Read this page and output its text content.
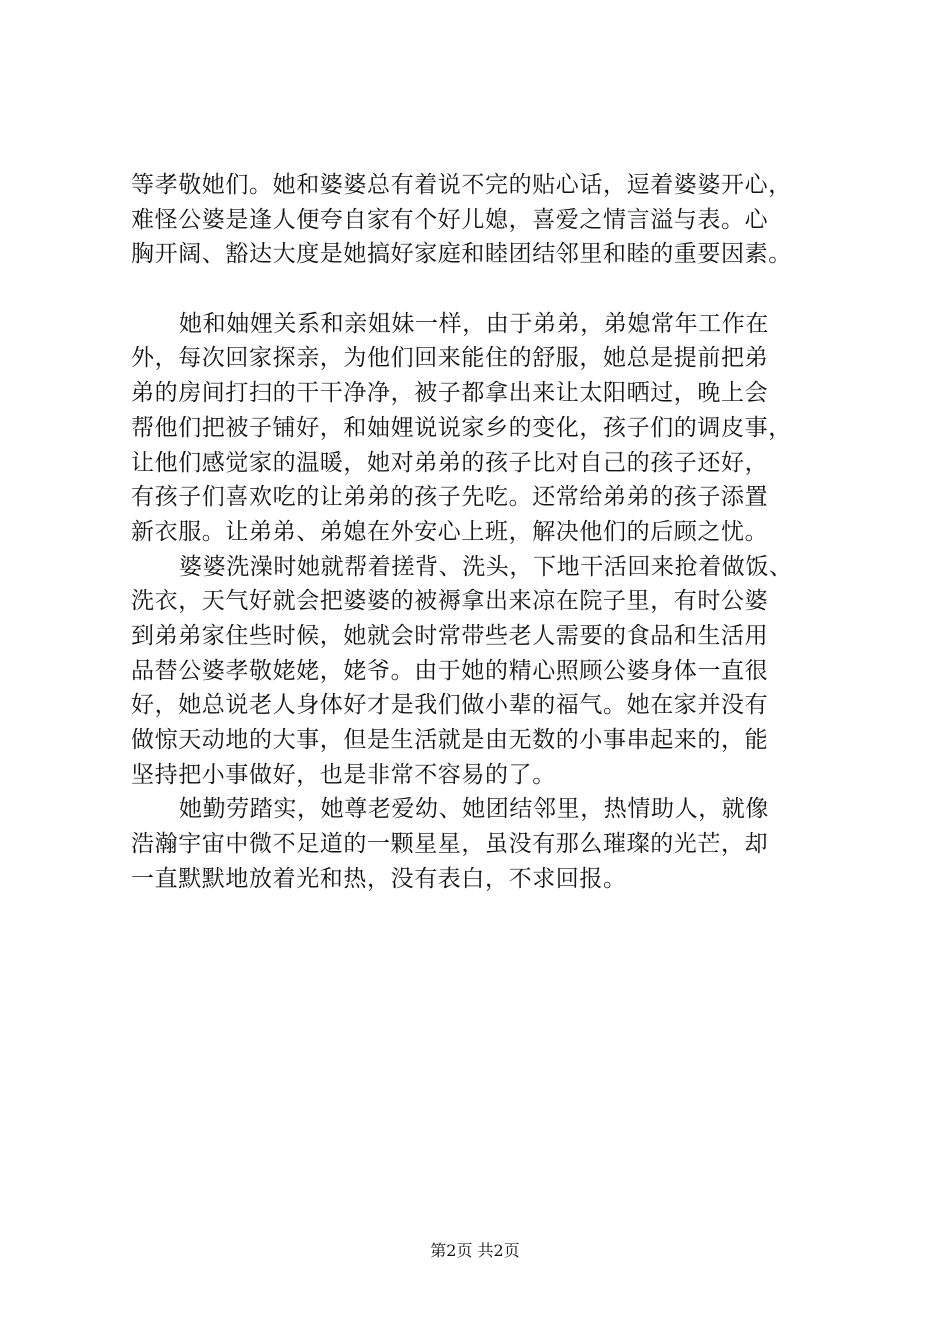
等孝敬她们。她和婆婆总有着说不完的贴心话，逗着婆婆开心，
难怪公婆是逢人便夸自家有个好儿媳，喜爱之情言溢与表。心
胸开阔、豁达大度是她搞好家庭和睦团结邻里和睦的重要因素。
她和妯娌关系和亲姐妹一样，由于弟弟，弟媳常年工作在
外，每次回家探亲，为他们回来能住的舒服，她总是提前把弟
弟的房间打扫的干干净净，被子都拿出来让太阳晒过，晚上会
帮他们把被子铺好，和妯娌说说家乡的变化，孩子们的调皮事，
让他们感觉家的温暖，她对弟弟的孩子比对自己的孩子还好，
有孩子们喜欢吃的让弟弟的孩子先吃。还常给弟弟的孩子添置
新衣服。让弟弟、弟媳在外安心上班，解决他们的后顾之忧。
婆婆洗澡时她就帮着搓背、洗头，下地干活回来抢着做饭、
洗衣，天气好就会把婆婆的被褥拿出来凉在院子里，有时公婆
到弟弟家住些时候，她就会时常带些老人需要的食品和生活用
品替公婆孝敬姥姥，姥爷。由于她的精心照顾公婆身体一直很
好，她总说老人身体好才是我们做小辈的福气。她在家并没有
做惊天动地的大事，但是生活就是由无数的小事串起来的，能
坚持把小事做好，也是非常不容易的了。
她勤劳踏实，她尊老爱幼、她团结邻里，热情助人，就像
浩瀚宇宙中微不足道的一颗星星，虽没有那么璀璨的光芒，却
一直默默地放着光和热，没有表白，不求回报。
第2页 共2页
